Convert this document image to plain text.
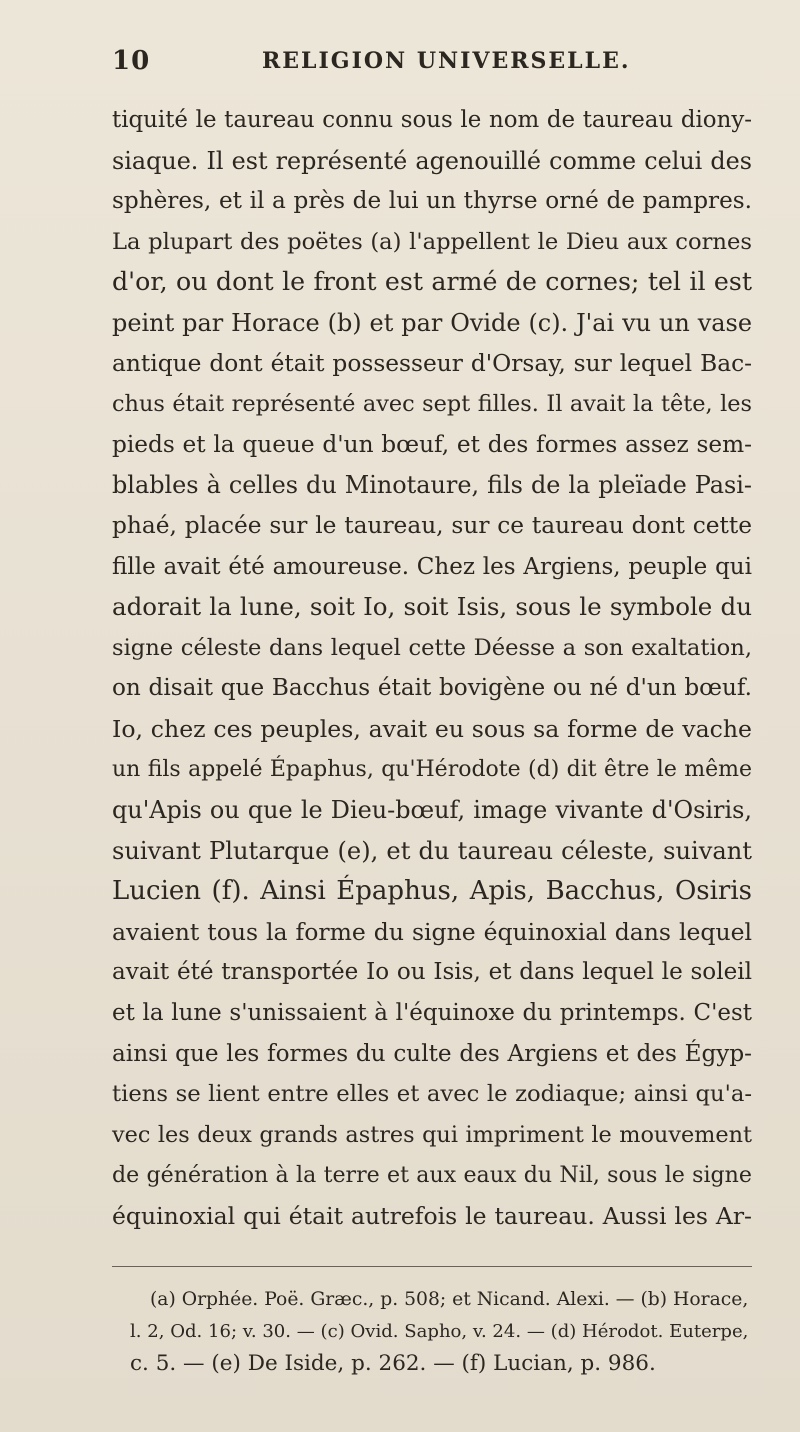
10	RELIGION UNIVERSELLE.
tiquité le taureau connu sous le nom de taureau diony-
siaque. Il est représenté agenouillé comme celui des
sphères, et il a près de lui un thyrse orné de pampres.
La plupart des poëtes (a) l'appellent le Dieu aux cornes
d'or, ou dont le front est armé de cornes; tel il est
peint par Horace (b) et par Ovide (c). J'ai vu un vase
antique dont était possesseur d'Orsay, sur lequel Bac-
chus était représenté avec sept filles. Il avait la tête, les
pieds et la queue d'un bœuf, et des formes assez sem-
blables à celles du Minotaure, fils de la pleïade Pasi-
phaé, placée sur le taureau, sur ce taureau dont cette
fille avait été amoureuse. Chez les Argiens, peuple qui
adorait la lune, soit Io, soit Isis, sous le symbole du
signe céleste dans lequel cette Déesse a son exaltation,
on disait que Bacchus était bovigène ou né d'un bœuf.
Io, chez ces peuples, avait eu sous sa forme de vache
un fils appelé Épaphus, qu'Hérodote (d) dit être le même
qu'Apis ou que le Dieu-bœuf, image vivante d'Osiris,
suivant Plutarque (e), et du taureau céleste, suivant
Lucien (f). Ainsi Épaphus, Apis, Bacchus, Osiris
avaient tous la forme du signe équinoxial dans lequel
avait été transportée Io ou Isis, et dans lequel le soleil
et la lune s'unissaient à l'équinoxe du printemps. C'est
ainsi que les formes du culte des Argiens et des Égyp-
tiens se lient entre elles et avec le zodiaque; ainsi qu'a-
vec les deux grands astres qui impriment le mouvement
de génération à la terre et aux eaux du Nil, sous le signe
équinoxial qui était autrefois le taureau. Aussi les Ar-
(a) Orphée. Poë. Græc., p. 508; et Nicand. Alexi. — (b) Horace,
l. 2, Od. 16; v. 30. — (c) Ovid. Sapho, v. 24. — (d) Hérodot. Euterpe,
c. 5. — (e) De Iside, p. 262. — (f) Lucian, p. 986.
